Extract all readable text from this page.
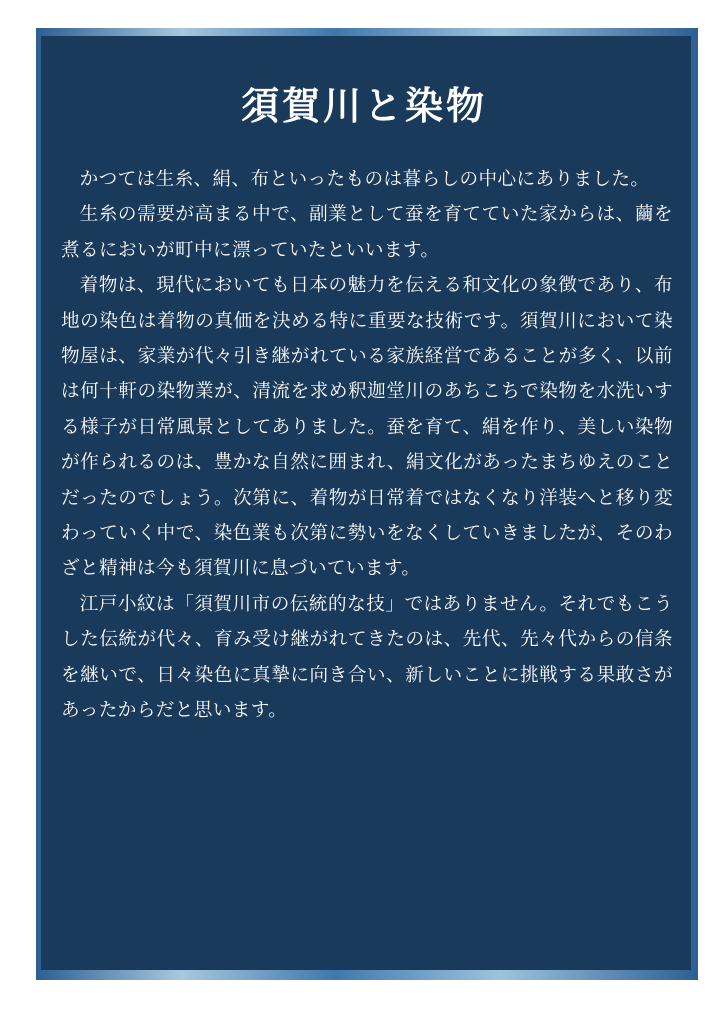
須賀川と染物

かつては生糸、絹、布といったものは暮らしの中心にありました。

生糸の需要が高まる中で、副業として蚕を育てていた家からは、繭を煮るにおいが町中に漂っていたといいます。

着物は、現代においても日本の魅力を伝える和文化の象徴であり、布地の染色は着物の真価を決める特に重要な技術です。須賀川において染物屋は、家業が代々引き継がれている家族経営であることが多く、以前は何十軒の染物業が、清流を求め釈迦堂川のあちこちで染物を水洗いする様子が日常風景としてありました。蚕を育て、絹を作り、美しい染物が作られるのは、豊かな自然に囲まれ、絹文化があったまちゆえのことだったのでしょう。次第に、着物が日常着ではなくなり洋装へと移り変わっていく中で、染色業も次第に勢いをなくしていきましたが、そのわざと精神は今も須賀川に息づいています。

江戸小紋は「須賀川市の伝統的な技」ではありません。それでもこうした伝統が代々、育み受け継がれてきたのは、先代、先々代からの信条を継いで、日々染色に真摯に向き合い、新しいことに挑戦する果敢さがあったからだと思います。
